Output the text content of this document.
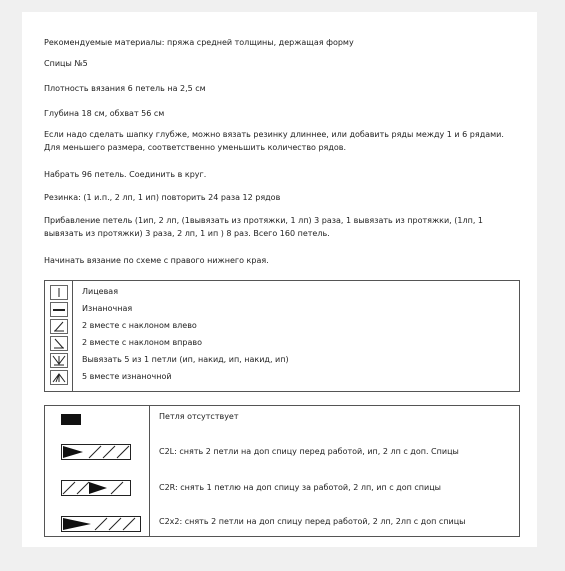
Рекомендуемые материалы: пряжа средней толщины, держащая форму
Спицы №5
Плотность вязания 6 петель на 2,5 см
Глубина 18 см, обхват 56 см
Если надо сделать шапку глубже, можно вязать резинку длиннее, или добавить ряды между 1 и 6 рядами. Для меньшего размера, соответственно уменьшить количество рядов.
Набрать 96 петель. Соединить в круг.
Резинка: (1 и.п., 2 лп, 1 ип) повторить 24 раза 12 рядов
Прибавление петель (1ип, 2 лп, (1вывязать из протяжки, 1 лп) 3 раза, 1 вывязать из протяжки, (1лп, 1 вывязать из протяжки) 3 раза, 2 лп, 1 ип ) 8 раз. Всего 160 петель.
Начинать вязание по схеме с правого нижнего края.
Лицевая
Изнаночная
2 вместе с наклоном влево
2 вместе с наклоном вправо
Вывязать 5 из 1 петли (ип, накид, ип, накид, ип)
5 вместе изнаночной
Петля отсутствует
C2L: снять 2 петли на доп спицу перед работой, ип, 2 лп с доп. Спицы
C2R: снять 1 петлю на доп спицу за работой, 2 лп, ип с доп спицы
C2x2: снять 2 петли на доп спицу перед работой, 2 лп, 2лп с доп спицы
